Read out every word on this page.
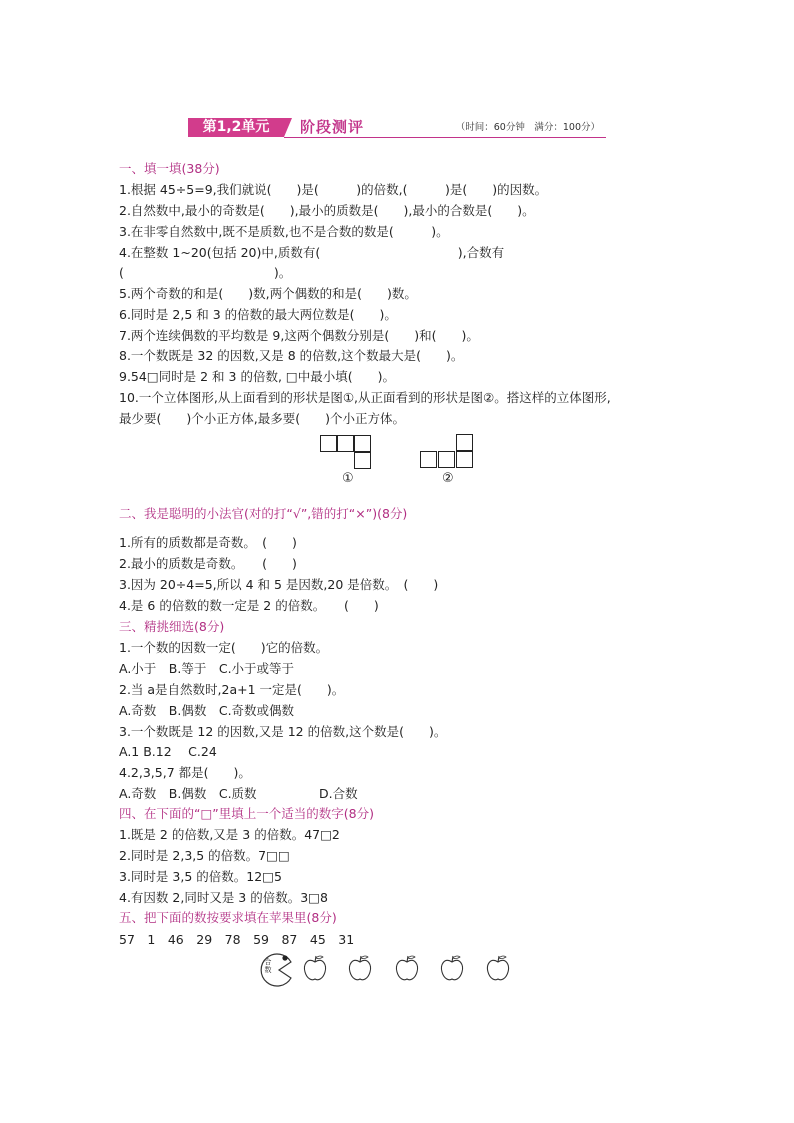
第1,2单元	阶段测评	（时间：60分钟　满分：100分）
一、填一填(38分)
1.根据 45÷5=9,我们就说(　　)是(　　　)的倍数,(　　　)是(　　)的因数。
2.自然数中,最小的奇数是(　　),最小的质数是(　　),最小的合数是(　　)。
3.在非零自然数中,既不是质数,也不是合数的数是(　　　)。
4.在整数 1~20(包括 20)中,质数有(　　　　　　　　　　　),合数有
(　　　　　　　　　　　　)。
5.两个奇数的和是(　　)数,两个偶数的和是(　　)数。
6.同时是 2,5 和 3 的倍数的最大两位数是(　　)。
7.两个连续偶数的平均数是 9,这两个偶数分别是(　　)和(　　)。
8.一个数既是 32 的因数,又是 8 的倍数,这个数最大是(　　)。
9.54□同时是 2 和 3 的倍数, □中最小填(　　)。
10.一个立体图形,从上面看到的形状是图①,从正面看到的形状是图②。搭这样的立体图形,
最少要(　　)个小正方体,最多要(　　)个小正方体。
①	②
二、我是聪明的小法官(对的打“√”,错的打“×”)(8分)
1.所有的质数都是奇数。　(　　)
2.最小的质数是奇数。　　(　　)
3.因为 20÷4=5,所以 4 和 5 是因数,20 是倍数。　(　　)
4.是 6 的倍数的数一定是 2 的倍数。　　(　　)
三、精挑细选(8分)
1.一个数的因数一定(　　)它的倍数。
A.小于　B.等于　C.小于或等于
2.当 a是自然数时,2a+1 一定是(　　)。
A.奇数　B.偶数　C.奇数或偶数
3.一个数既是 12 的因数,又是 12 的倍数,这个数是(　　)。
A.1 B.12　 C.24
4.2,3,5,7 都是(　　)。
A.奇数　B.偶数　C.质数　　　　　D.合数
四、在下面的“□”里填上一个适当的数字(8分)
1.既是 2 的倍数,又是 3 的倍数。47□2
2.同时是 2,3,5 的倍数。7□□
3.同时是 3,5 的倍数。12□5
4.有因数 2,同时又是 3 的倍数。3□8
五、把下面的数按要求填在苹果里(8分)
57　1　46　29　78　59　87　45　31
合数
